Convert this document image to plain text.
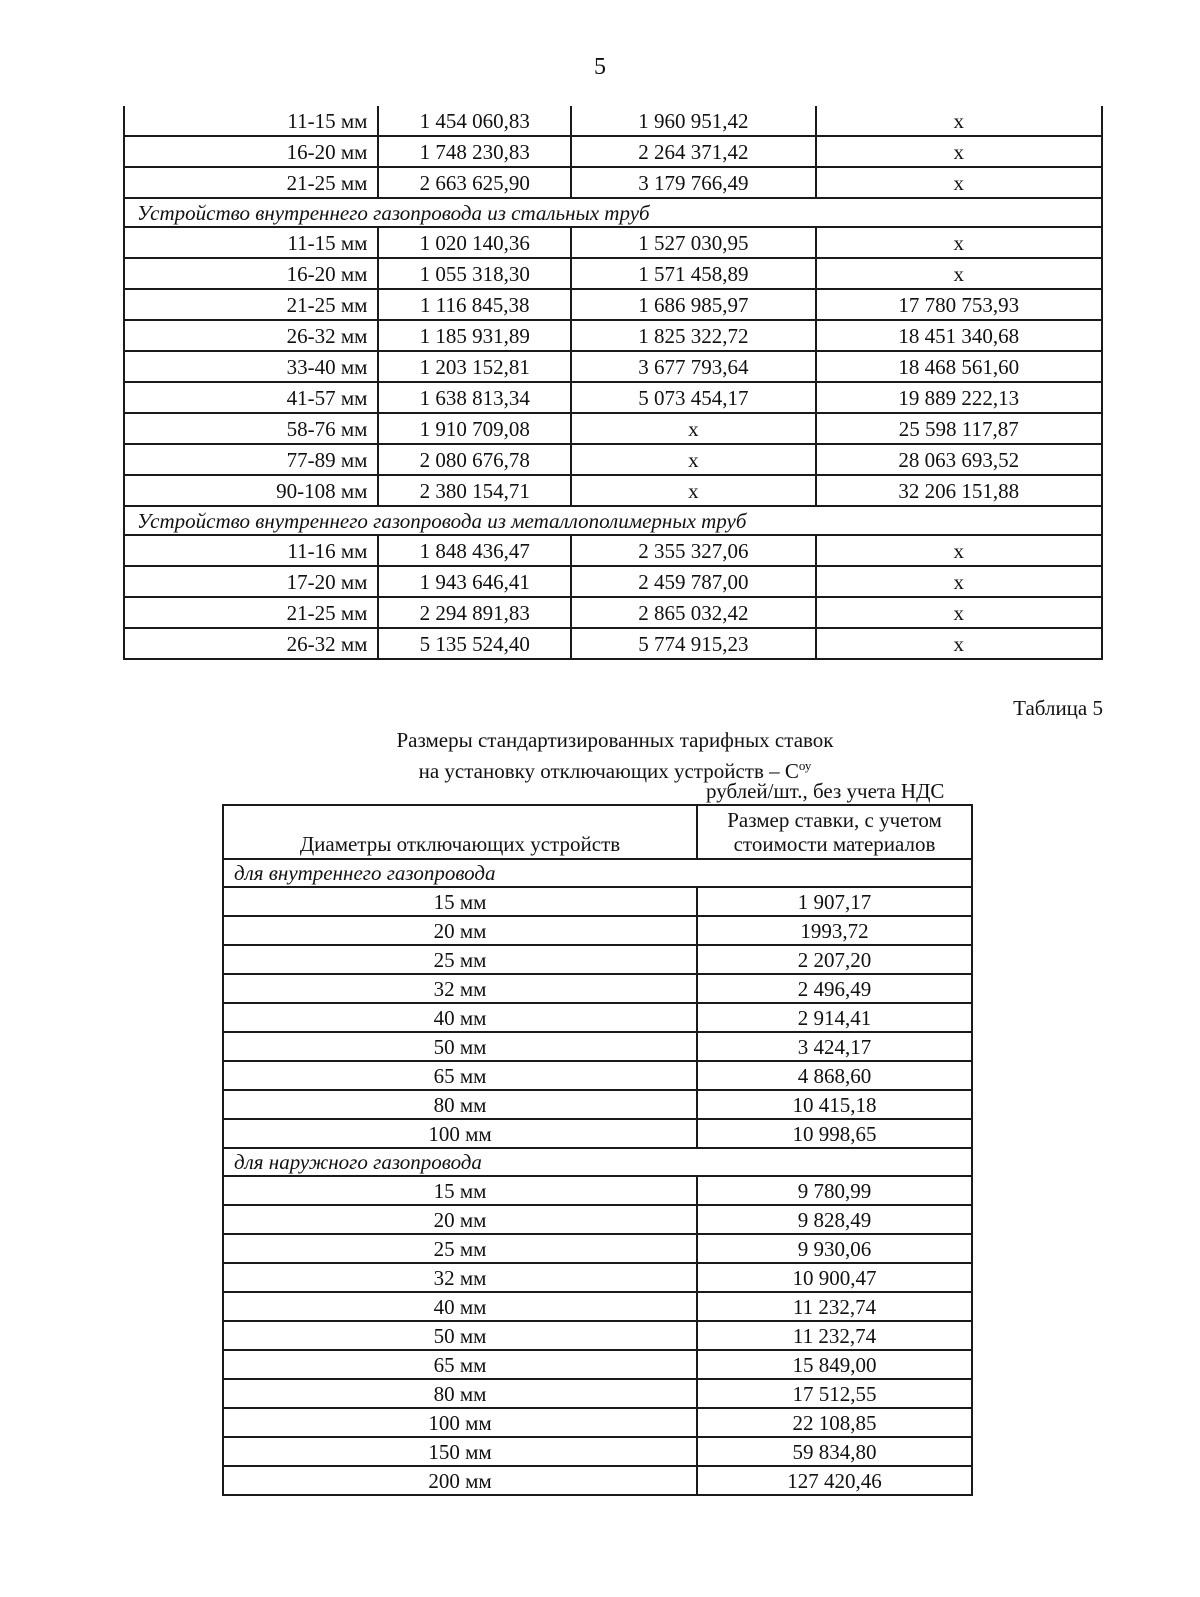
5
11-15 мм	1 454 060,83	1 960 951,42	x
16-20 мм	1 748 230,83	2 264 371,42	x
21-25 мм	2 663 625,90	3 179 766,49	x
Устройство внутреннего газопровода из стальных труб			
11-15 мм	1 020 140,36	1 527 030,95	x
16-20 мм	1 055 318,30	1 571 458,89	x
21-25 мм	1 116 845,38	1 686 985,97	17 780 753,93
26-32 мм	1 185 931,89	1 825 322,72	18 451 340,68
33-40 мм	1 203 152,81	3 677 793,64	18 468 561,60
41-57 мм	1 638 813,34	5 073 454,17	19 889 222,13
58-76 мм	1 910 709,08	x	25 598 117,87
77-89 мм	2 080 676,78	x	28 063 693,52
90-108 мм	2 380 154,71	x	32 206 151,88
Устройство внутреннего газопровода из металлополимерных труб			
11-16 мм	1 848 436,47	2 355 327,06	x
17-20 мм	1 943 646,41	2 459 787,00	x
21-25 мм	2 294 891,83	2 865 032,42	x
26-32 мм	5 135 524,40	5 774 915,23	x
Таблица 5
Размеры стандартизированных тарифных ставок
на установку отключающих устройств – $С^{оу}$
рублей/шт., без учета НДС
Диаметры отключающих устройств	Размер ставки, с учетом стоимости материалов
для внутреннего газопровода	
15 мм	1 907,17
20 мм	1993,72
25 мм	2 207,20
32 мм	2 496,49
40 мм	2 914,41
50 мм	3 424,17
65 мм	4 868,60
80 мм	10 415,18
100 мм	10 998,65
для наружного газопровода	
15 мм	9 780,99
20 мм	9 828,49
25 мм	9 930,06
32 мм	10 900,47
40 мм	11 232,74
50 мм	11 232,74
65 мм	15 849,00
80 мм	17 512,55
100 мм	22 108,85
150 мм	59 834,80
200 мм	127 420,46
